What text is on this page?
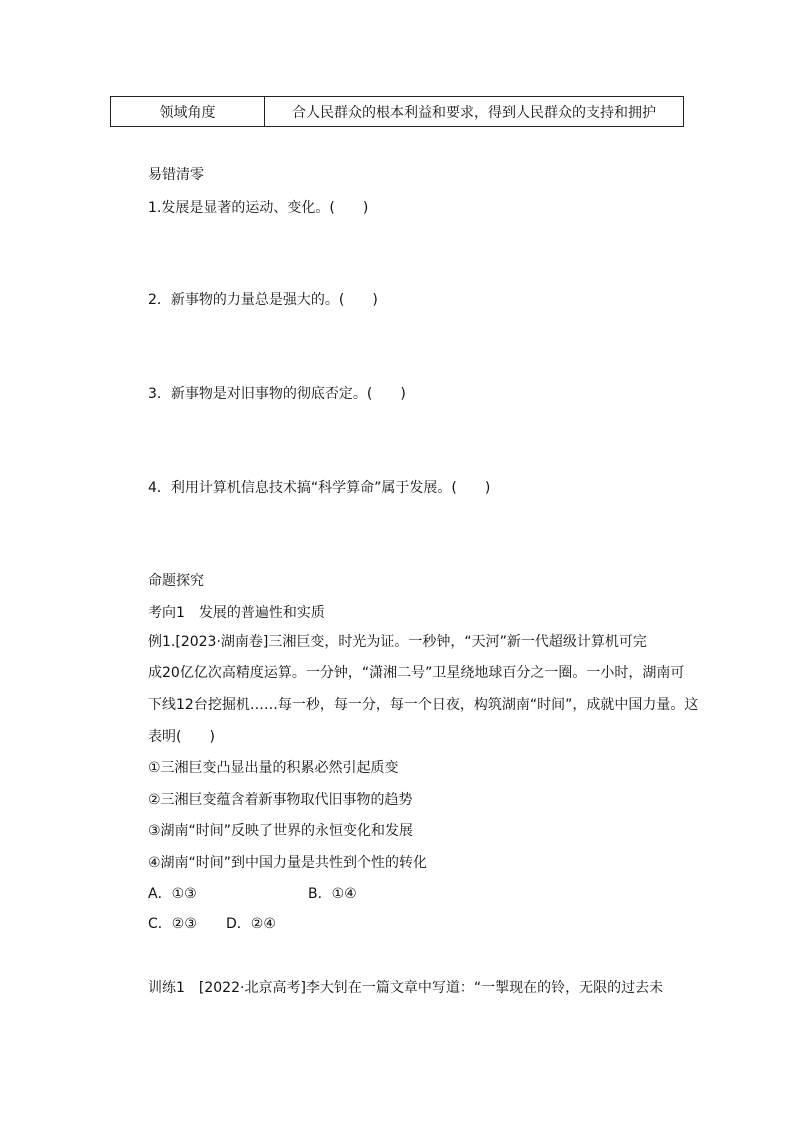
领域角度	合人民群众的根本利益和要求，得到人民群众的支持和拥护
易错清零
1.发展是显著的运动、变化。(　　)
2．新事物的力量总是强大的。(　　)
3．新事物是对旧事物的彻底否定。(　　)
4．利用计算机信息技术搞“科学算命”属于发展。(　　)
命题探究
考向1　发展的普遍性和实质
例1.[2023·湖南卷]三湘巨变，时光为证。一秒钟，“天河”新一代超级计算机可完
成20亿亿次高精度运算。一分钟，“潇湘二号”卫星绕地球百分之一圈。一小时，湖南可
下线12台挖掘机……每一秒，每一分，每一个日夜，构筑湖南“时间”，成就中国力量。这
表明(　　)
①三湘巨变凸显出量的积累必然引起质变
②三湘巨变蕴含着新事物取代旧事物的趋势
③湖南“时间”反映了世界的永恒变化和发展
④湖南“时间”到中国力量是共性到个性的转化
A．①③	B．①④
C．②③ D．②④
训练1　[2022·北京高考]李大钊在一篇文章中写道：“一掣现在的铃，无限的过去未
